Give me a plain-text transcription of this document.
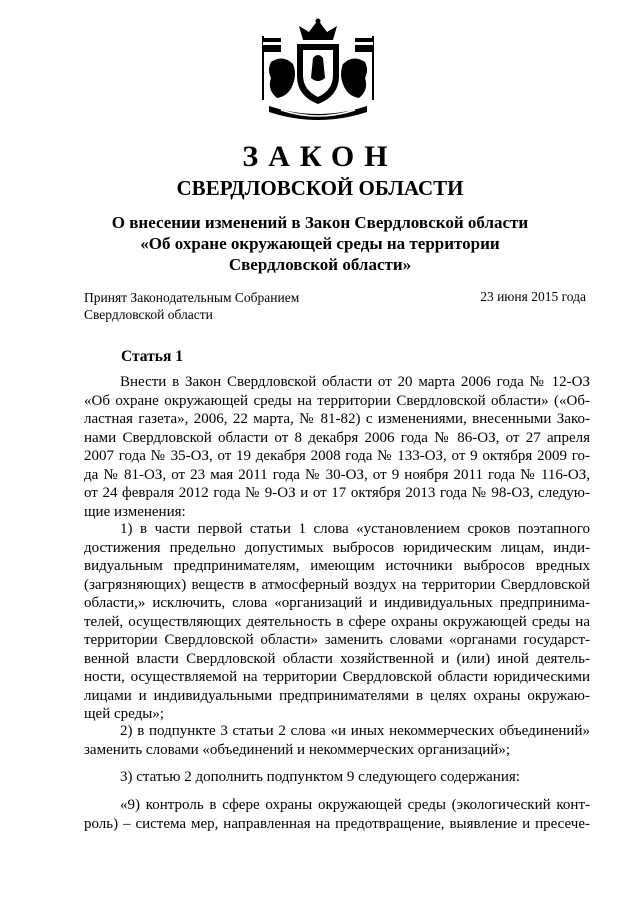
ЗАКОН
СВЕРДЛОВСКОЙ ОБЛАСТИ
О внесении изменений в Закон Свердловской области
«Об охране окружающей среды на территории
Свердловской области»
Принят Законодательным Собранием
Свердловской области
23 июня 2015 года
Статья 1
Внести в Закон Свердловской области от 20 марта 2006 года № 12-ОЗ
«Об охране окружающей среды на территории Свердловской области» («Об-
ластная газета», 2006, 22 марта, № 81-82) с изменениями, внесенными Зако-
нами Свердловской области от 8 декабря 2006 года № 86-ОЗ, от 27 апреля
2007 года № 35-ОЗ, от 19 декабря 2008 года № 133-ОЗ, от 9 октября 2009 го-
да № 81-ОЗ, от 23 мая 2011 года № 30-ОЗ, от 9 ноября 2011 года № 116-ОЗ,
от 24 февраля 2012 года № 9-ОЗ и от 17 октября 2013 года № 98-ОЗ, следую-
щие изменения:
1) в части первой статьи 1 слова «установлением сроков поэтапного
достижения предельно допустимых выбросов юридическим лицам, инди-
видуальным предпринимателям, имеющим источники выбросов вредных
(загрязняющих) веществ в атмосферный воздух на территории Свердловской
области,» исключить, слова «организаций и индивидуальных предпринима-
телей, осуществляющих деятельность в сфере охраны окружающей среды на
территории Свердловской области» заменить словами «органами государст-
венной власти Свердловской области хозяйственной и (или) иной деятель-
ности, осуществляемой на территории Свердловской области юридическими
лицами и индивидуальными предпринимателями в целях охраны окружаю-
щей среды»;
2) в подпункте 3 статьи 2 слова «и иных некоммерческих объединений»
заменить словами «объединений и некоммерческих организаций»;
3) статью 2 дополнить подпунктом 9 следующего содержания:
«9) контроль в сфере охраны окружающей среды (экологический конт-
роль) – система мер, направленная на предотвращение, выявление и пресече-
